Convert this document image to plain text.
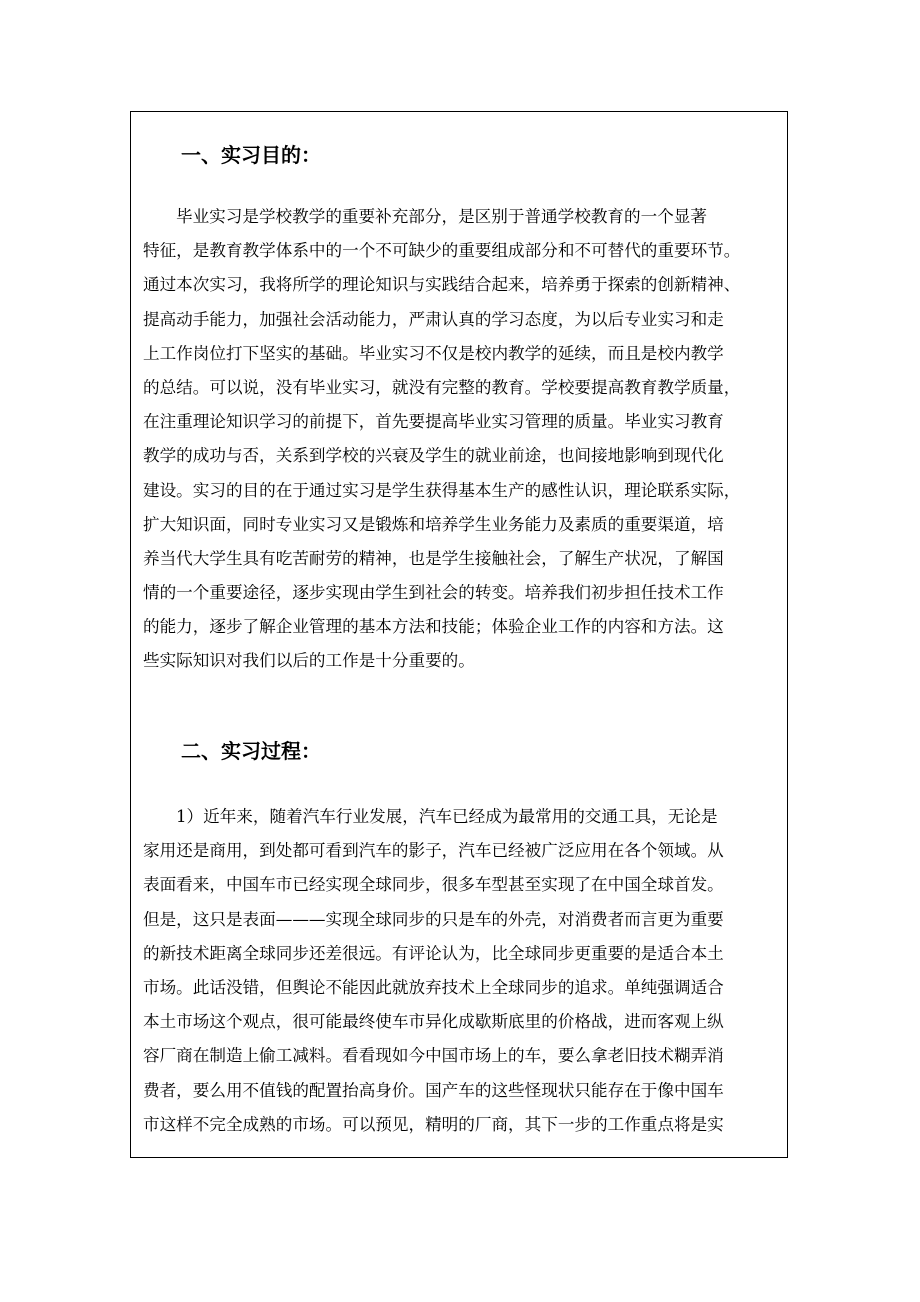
一、实习目的：
毕业实习是学校教学的重要补充部分，是区别于普通学校教育的一个显著
特征，是教育教学体系中的一个不可缺少的重要组成部分和不可替代的重要环节。
通过本次实习，我将所学的理论知识与实践结合起来，培养勇于探索的创新精神、
提高动手能力，加强社会活动能力，严肃认真的学习态度，为以后专业实习和走
上工作岗位打下坚实的基础。毕业实习不仅是校内教学的延续，而且是校内教学
的总结。可以说，没有毕业实习，就没有完整的教育。学校要提高教育教学质量，
在注重理论知识学习的前提下，首先要提高毕业实习管理的质量。毕业实习教育
教学的成功与否，关系到学校的兴衰及学生的就业前途，也间接地影响到现代化
建设。实习的目的在于通过实习是学生获得基本生产的感性认识，理论联系实际，
扩大知识面，同时专业实习又是锻炼和培养学生业务能力及素质的重要渠道，培
养当代大学生具有吃苦耐劳的精神，也是学生接触社会，了解生产状况，了解国
情的一个重要途径，逐步实现由学生到社会的转变。培养我们初步担任技术工作
的能力，逐步了解企业管理的基本方法和技能；体验企业工作的内容和方法。这
些实际知识对我们以后的工作是十分重要的。
二、实习过程：
1）近年来，随着汽车行业发展，汽车已经成为最常用的交通工具，无论是
家用还是商用，到处都可看到汽车的影子，汽车已经被广泛应用在各个领域。从
表面看来，中国车市已经实现全球同步，很多车型甚至实现了在中国全球首发。
但是，这只是表面———实现全球同步的只是车的外壳，对消费者而言更为重要
的新技术距离全球同步还差很远。有评论认为，比全球同步更重要的是适合本土
市场。此话没错，但舆论不能因此就放弃技术上全球同步的追求。单纯强调适合
本土市场这个观点，很可能最终使车市异化成歇斯底里的价格战，进而客观上纵
容厂商在制造上偷工减料。看看现如今中国市场上的车，要么拿老旧技术糊弄消
费者，要么用不值钱的配置抬高身价。国产车的这些怪现状只能存在于像中国车
市这样不完全成熟的市场。可以预见，精明的厂商，其下一步的工作重点将是实
